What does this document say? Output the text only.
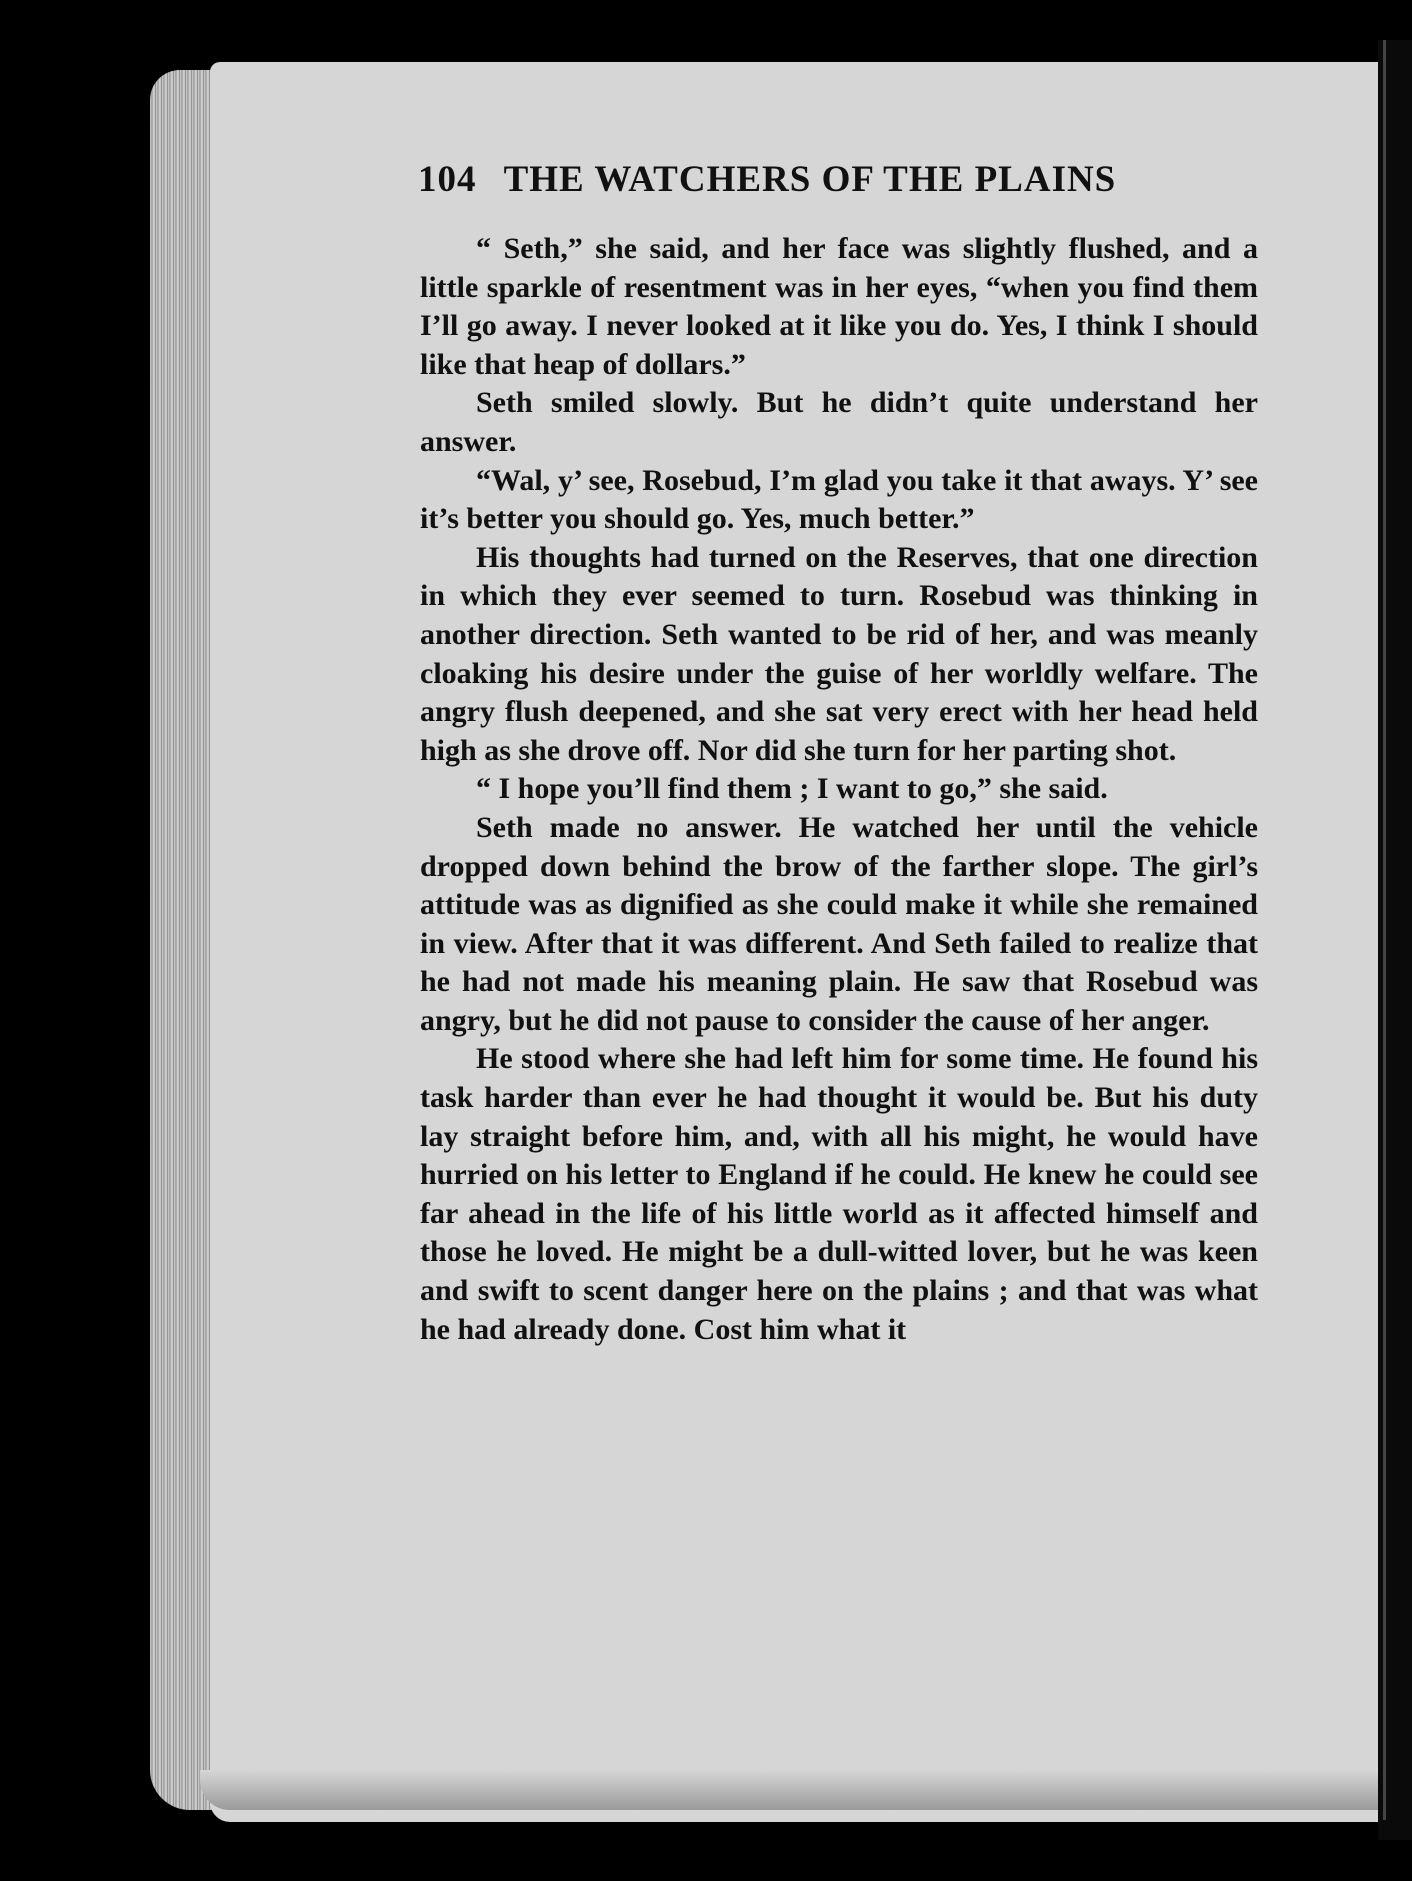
104 THE WATCHERS OF THE PLAINS

“ Seth,” she said, and her face was slightly flushed, and a little sparkle of resentment was in her eyes, “when you find them I’ll go away. I never looked at it like you do. Yes, I think I should like that heap of dollars.”

Seth smiled slowly. But he didn’t quite understand her answer.

“Wal, y’ see, Rosebud, I’m glad you take it that aways. Y’ see it’s better you should go. Yes, much better.”

His thoughts had turned on the Reserves, that one direction in which they ever seemed to turn. Rosebud was thinking in another direction. Seth wanted to be rid of her, and was meanly cloaking his desire under the guise of her worldly welfare. The angry flush deepened, and she sat very erect with her head held high as she drove off. Nor did she turn for her parting shot.

“ I hope you’ll find them ; I want to go,” she said.

Seth made no answer. He watched her until the vehicle dropped down behind the brow of the farther slope. The girl’s attitude was as dignified as she could make it while she remained in view. After that it was different. And Seth failed to realize that he had not made his meaning plain. He saw that Rosebud was angry, but he did not pause to consider the cause of her anger.

He stood where she had left him for some time. He found his task harder than ever he had thought it would be. But his duty lay straight before him, and, with all his might, he would have hurried on his letter to England if he could. He knew he could see far ahead in the life of his little world as it affected himself and those he loved. He might be a dull-witted lover, but he was keen and swift to scent danger here on the plains ; and that was what he had already done. Cost him what it
